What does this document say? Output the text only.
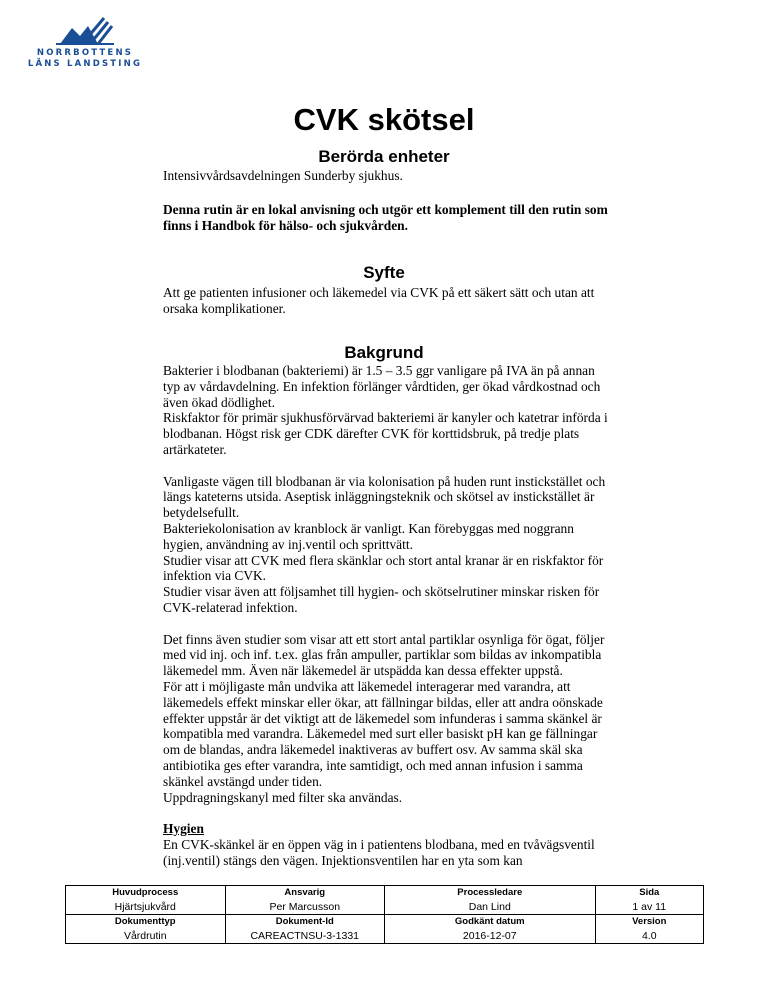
NORRBOTTENS
LÄNS LANDSTING
CVK skötsel
Berörda enheter

Intensivvårdsavdelningen Sunderby sjukhus.

Denna rutin är en lokal anvisning och utgör ett komplement till den rutin som finns i Handbok för hälso- och sjukvården.

Syfte

Att ge patienten infusioner och läkemedel via CVK på ett säkert sätt och utan att orsaka komplikationer.

Bakgrund

Bakterier i blodbanan (bakteriemi) är 1.5 – 3.5 ggr vanligare på IVA än på annan typ av vårdavdelning. En infektion förlänger vårdtiden, ger ökad vårdkostnad och även ökad dödlighet.

Riskfaktor för primär sjukhusförvärvad bakteriemi är kanyler och katetrar införda i blodbanan. Högst risk ger CDK därefter CVK för korttidsbruk, på tredje plats artärkateter.

Vanligaste vägen till blodbanan är via kolonisation på huden runt instickstället och längs kateterns utsida. Aseptisk inläggningsteknik och skötsel av instickstället är betydelsefullt.

Bakteriekolonisation av kranblock är vanligt. Kan förebyggas med noggrann hygien, användning av inj.ventil och sprittvätt.

Studier visar att CVK med flera skänklar och stort antal kranar är en riskfaktor för infektion via CVK.

Studier visar även att följsamhet till hygien- och skötselrutiner minskar risken för CVK-relaterad infektion.

Det finns även studier som visar att ett stort antal partiklar osynliga för ögat, följer med vid inj. och inf. t.ex. glas från ampuller, partiklar som bildas av inkompatibla läkemedel mm. Även när läkemedel är utspädda kan dessa effekter uppstå.

För att i möjligaste mån undvika att läkemedel interagerar med varandra, att läkemedels effekt minskar eller ökar, att fällningar bildas, eller att andra oönskade effekter uppstår är det viktigt att de läkemedel som infunderas i samma skänkel är kompatibla med varandra. Läkemedel med surt eller basiskt pH kan ge fällningar om de blandas, andra läkemedel inaktiveras av buffert osv. Av samma skäl ska antibiotika ges efter varandra, inte samtidigt, och med annan infusion i samma skänkel avstängd under tiden.

Uppdragningskanyl med filter ska användas.

Hygien

En CVK-skänkel är en öppen väg in i patientens blodbana, med en tvåvägsventil (inj.ventil) stängs den vägen. Injektionsventilen har en yta som kan

Huvudprocess	Ansvarig	Processledare	Sida
Hjärtsjukvård	Per Marcusson	Dan Lind	1 av 11
Dokumenttyp	Dokument-Id	Godkänt datum	Version
Vårdrutin	CAREACTNSU-3-1331	2016-12-07	4.0
